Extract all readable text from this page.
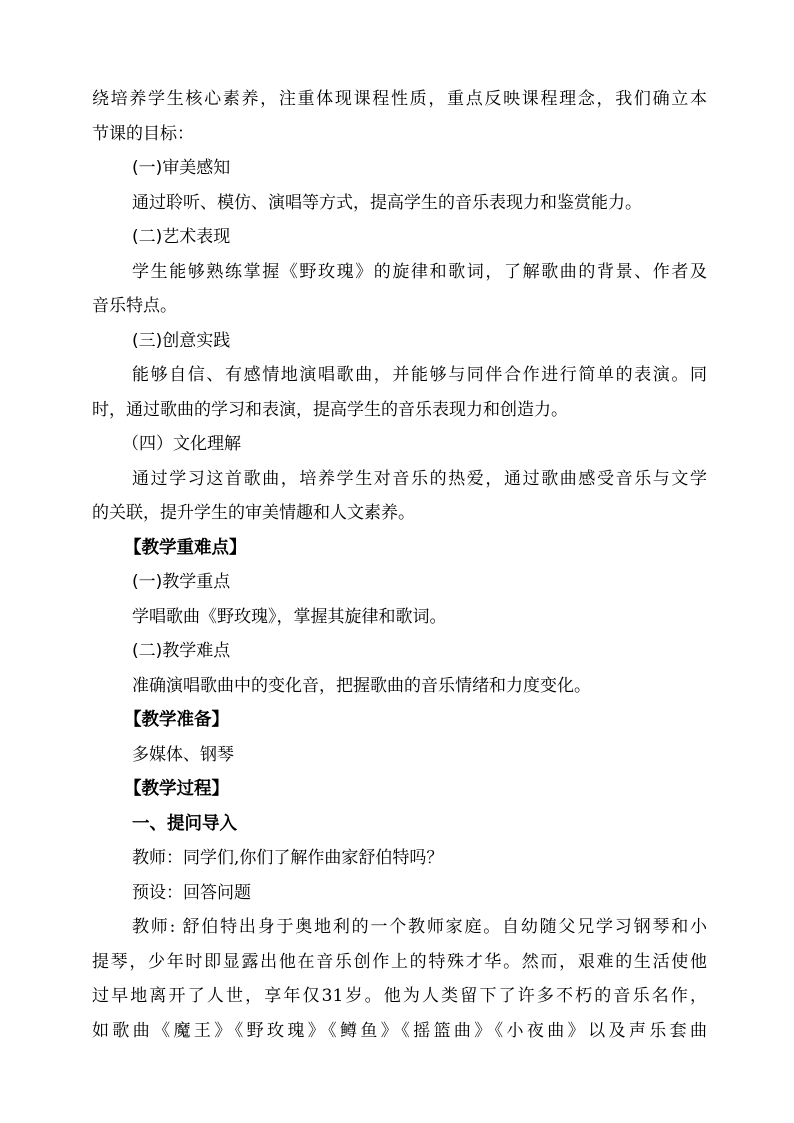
绕培养学生核心素养，注重体现课程性质，重点反映课程理念，我们确立本
节课的目标：
(一)审美感知
通过聆听、模仿、演唱等方式，提高学生的音乐表现力和鉴赏能力。
(二)艺术表现
学生能够熟练掌握《野玫瑰》的旋律和歌词，了解歌曲的背景、作者及
音乐特点。
(三)创意实践
能够自信、有感情地演唱歌曲，并能够与同伴合作进行简单的表演。同
时，通过歌曲的学习和表演，提高学生的音乐表现力和创造力。
（四）文化理解
通过学习这首歌曲，培养学生对音乐的热爱，通过歌曲感受音乐与文学
的关联，提升学生的审美情趣和人文素养。
【教学重难点】
(一)教学重点
学唱歌曲《野玫瑰》，掌握其旋律和歌词。
(二)教学难点
准确演唱歌曲中的变化音，把握歌曲的音乐情绪和力度变化。
【教学准备】
多媒体、钢琴
【教学过程】
一、提问导入
教师：同学们,你们了解作曲家舒伯特吗？
预设：回答问题
教师: 舒伯特出身于奥地利的一个教师家庭。自幼随父兄学习钢琴和小
提琴，少年时即显露出他在音乐创作上的特殊才华。然而，艰难的生活使他
过早地离开了人世，享年仅31岁。他为人类留下了许多不朽的音乐名作，
如歌曲《魔王》《野玫瑰》《鳟鱼》《摇篮曲》《小夜曲》以及声乐套曲
